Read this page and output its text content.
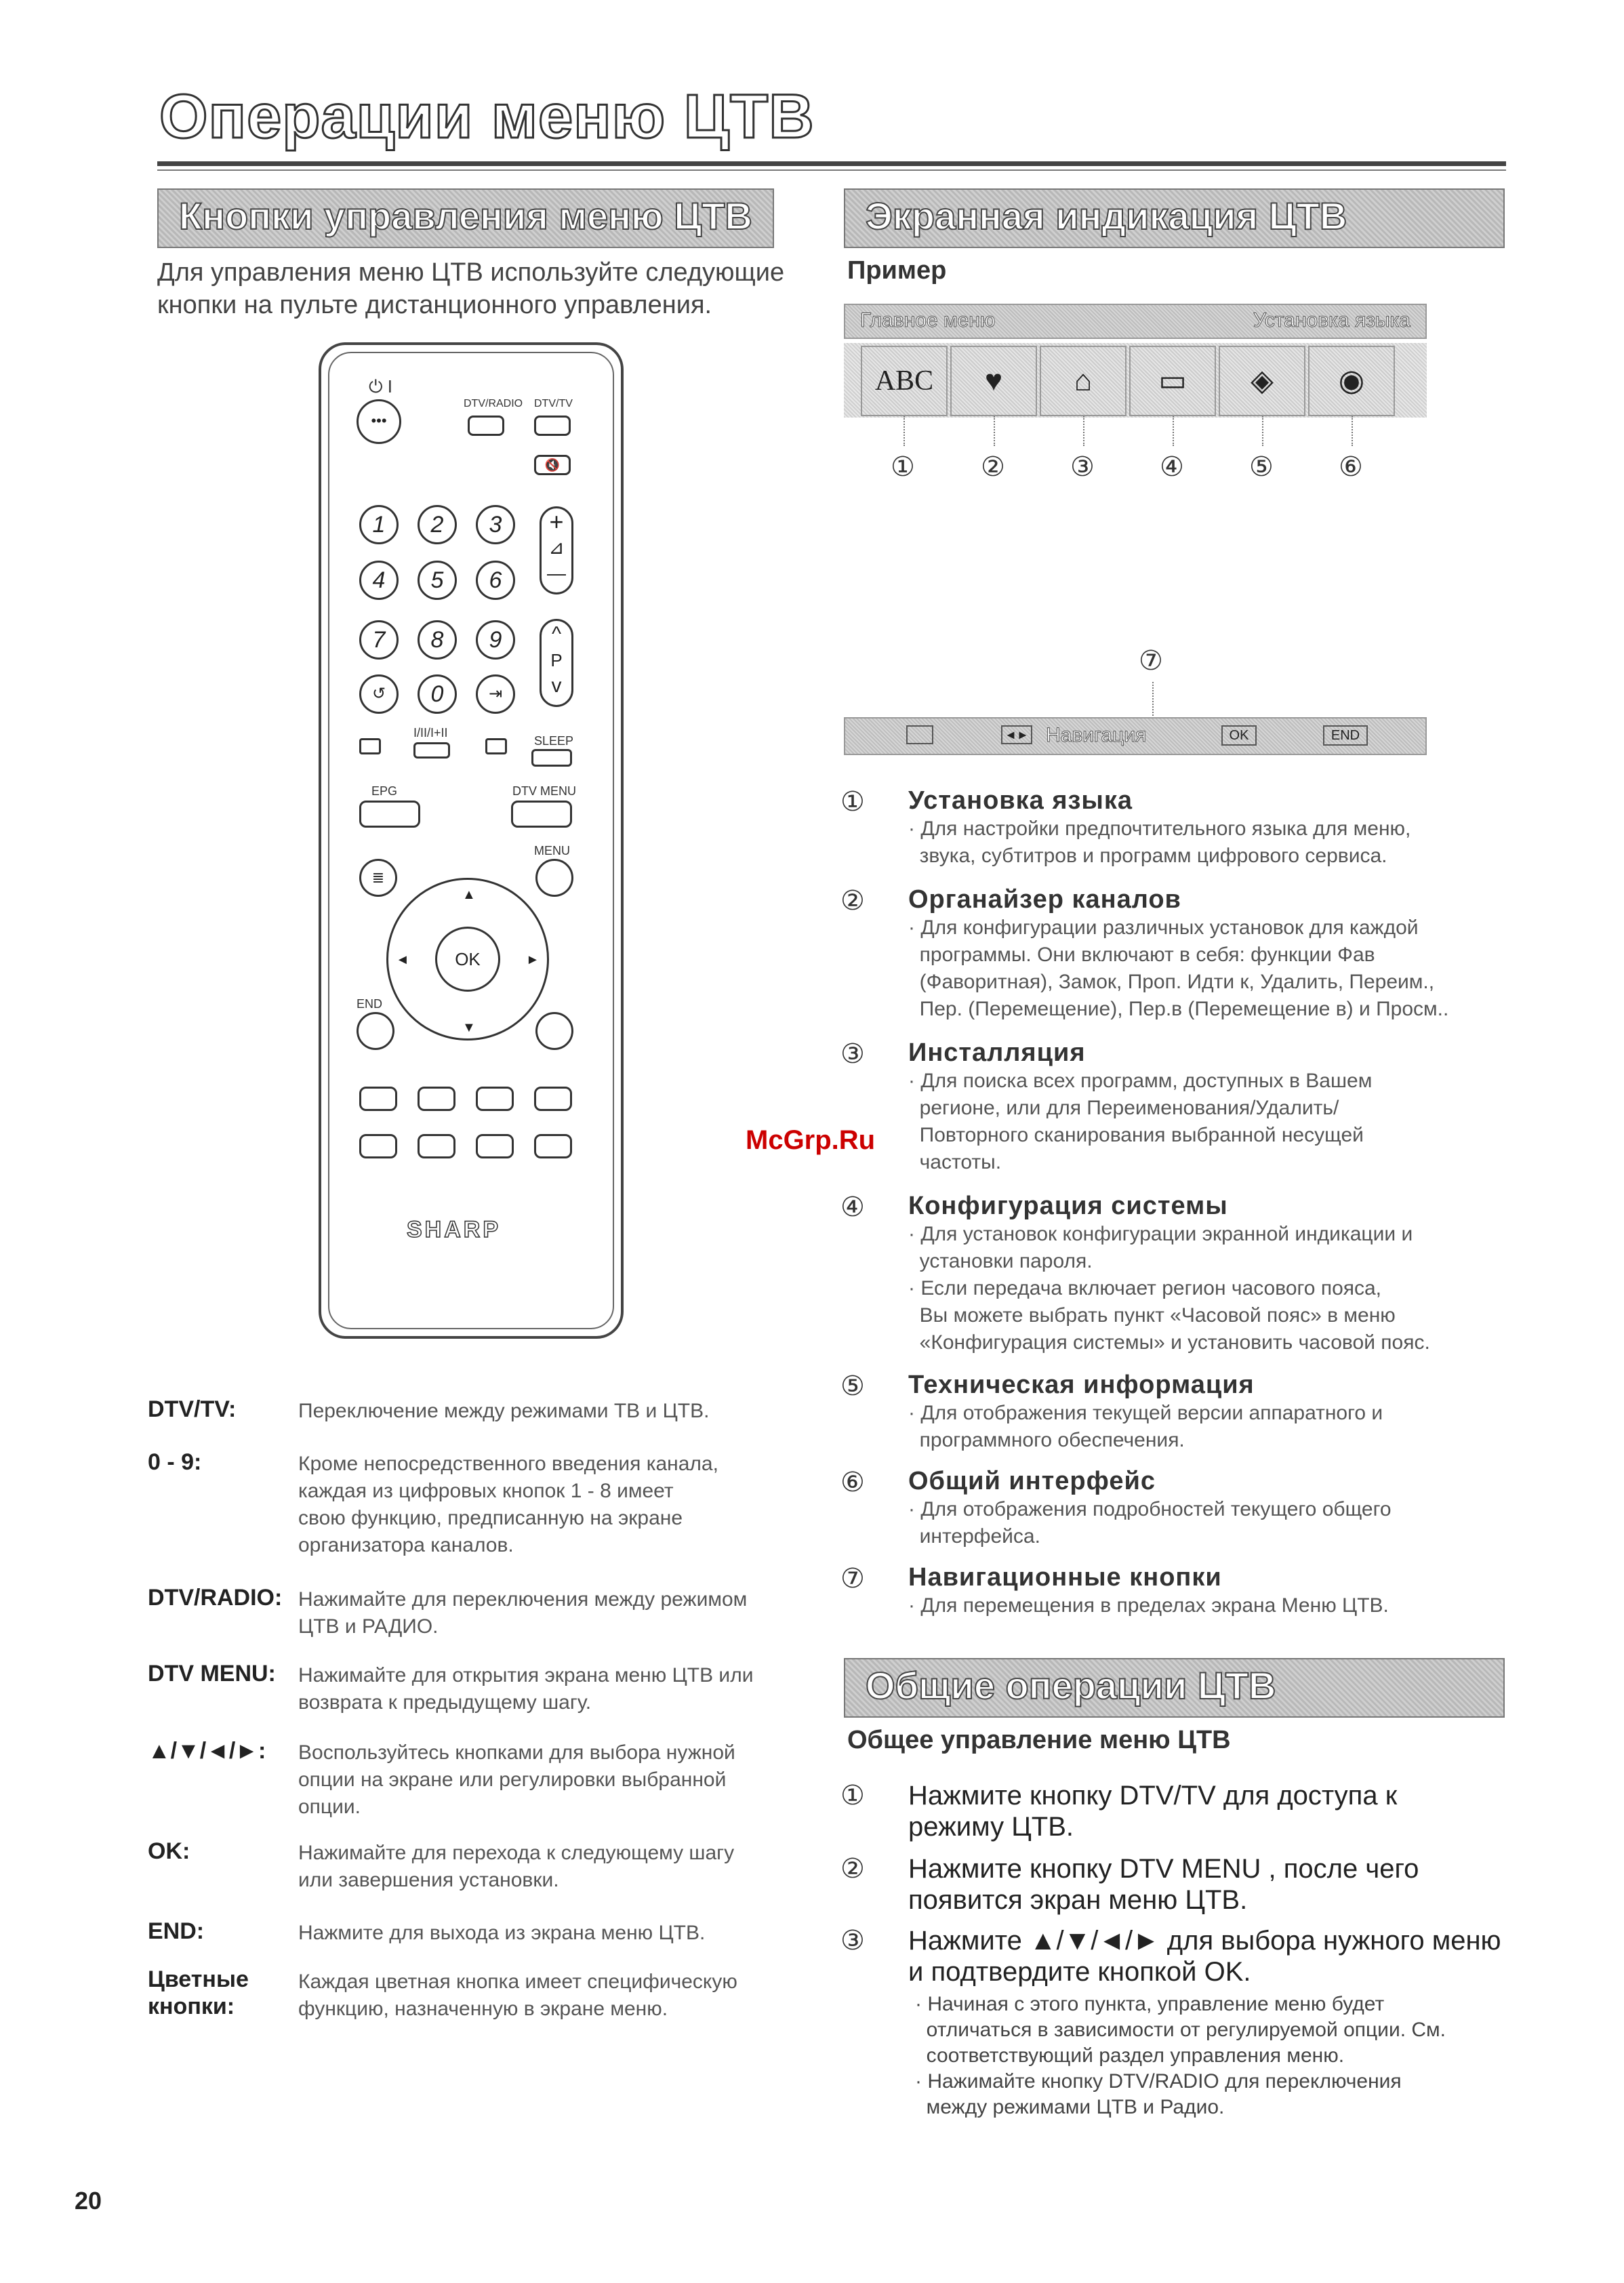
Операции меню ЦТВ
Кнопки управления меню ЦТВ
Для управления меню ЦТВ используйте следующие
кнопки на пульте дистанционного управления.
⏻ I
•••
DTV/RADIO DTV/TV
🔇
1	2	3
4	5	6
7	8	9
↺	0	⇥
+
⊿
—
^
P
v
I/II/I+II
SLEEP
EPG	DTV MENU
MENU
≣
▲
▼
◄	►
OK
END
SHARP
DTV/TV:	Переключение между режимами ТВ и ЦТВ.
0 - 9:	Кроме непосредственного введения канала,
каждая из цифровых кнопок 1 - 8 имеет
свою функцию, предписанную на экране
организатора каналов.
DTV/RADIO: Нажимайте для переключения между режимом
ЦТВ и РАДИО.
DTV MENU: Нажимайте для открытия экрана меню ЦТВ или
возврата к предыдущему шагу.
▲/▼/◄/►: Воспользуйтесь кнопками для выбора нужной
опции на экране или регулировки выбранной
опции.
OK:	Нажимайте для перехода к следующему шагу
или завершения установки.
END:	Нажмите для выхода из экрана меню ЦТВ.
Цветные кнопки:
Каждая цветная кнопка имеет специфическую
функцию, назначенную в экране меню.
Экранная индикация ЦТВ
Пример
Главное меню	Установка языка
ABC	♥	⌂	▭	◈	◉
① ② ③ ④ ⑤ ⑥
⑦
◄► Навигация	OK	END
① Установка языка
· Для настройки предпочтительного языка для меню,
звука, субтитров и программ цифрового сервиса.
② Органайзер каналов
· Для конфигурации различных установок для каждой
программы. Они включают в себя: функции Фав
(Фаворитная), Замок, Проп. Идти к, Удалить, Переим.,
Пер. (Перемещение), Пер.в (Перемещение в) и Просм..
③ Инсталляция
· Для поиска всех программ, доступных в Вашем
регионе, или для Переименования/Удалить/
Повторного сканирования выбранной несущей
частоты.
McGrp.Ru
④ Конфигурация системы
· Для установок конфигурации экранной индикации и
установки пароля.
· Если передача включает регион часового пояса,
Вы можете выбрать пункт «Часовой пояс» в меню
«Конфигурация системы» и установить часовой пояс.
⑤ Техническая информация
· Для отображения текущей версии аппаратного и
программного обеспечения.
⑥ Общий интерфейс
· Для отображения подробностей текущего общего
интерфейса.
⑦ Навигационные кнопки
· Для перемещения в пределах экрана Меню ЦТВ.
Общие операции ЦТВ
Общее управление меню ЦТВ
① Нажмите кнопку DTV/TV для доступа к
режиму ЦТВ.
② Нажмите кнопку DTV MENU , после чего
появится экран меню ЦТВ.
③ Нажмите ▲/▼/◄/► для выбора нужного меню
и подтвердите кнопкой OK.
· Начиная с этого пункта, управление меню будет
отличаться в зависимости от регулируемой опции. См.
соответствующий раздел управления меню.
· Нажимайте кнопку DTV/RADIO для переключения
между режимами ЦТВ и Радио.
20
